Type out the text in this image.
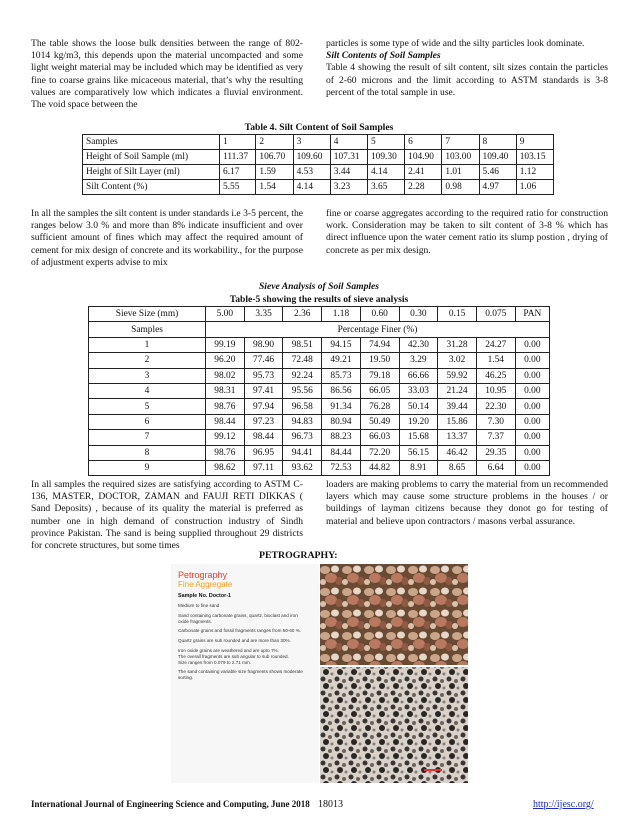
The table shows the loose bulk densities between the range of 802-1014 kg/m3, this depends upon the material uncompacted and some light weight material may be included which may be identified as very fine to coarse grains like micaceous material, that’s why the resulting values are comparatively low which indicates a fluvial environment. The void space between the

particles is some type of wide and the silty particles look dominate.

Silt Contents of Soil Samples

Table 4 showing the result of silt content, silt sizes contain the particles of 2-60 microns and the limit according to ASTM standards is 3-8 percent of the total sample in use.

Table 4. Silt Content of Soil Samples
Samples	1	2	3	4	5	6	7	8	9
Height of Soil Sample (ml)	111.37	106.70	109.60	107.31	109.30	104.90	103.00	109.40	103.15
Height of Silt Layer (ml)	6.17	1.59	4.53	3.44	4.14	2.41	1.01	5.46	1.12
Silt Content (%)	5.55	1.54	4.14	3.23	3.65	2.28	0.98	4.97	1.06

In all the samples the silt content is under standards i.e 3-5 percent, the ranges below 3.0 % and more than 8% indicate insufficient and over sufficient amount of fines which may affect the required amount of cement for mix design of concrete and its workability., for the purpose of adjustment experts advise to mix

fine or coarse aggregates according to the required ratio for construction work. Consideration may be taken to silt content of 3-8 % which has direct influence upon the water cement ratio its slump postion , drying of concrete as per mix design.

Sieve Analysis of Soil Samples
Table-5 showing the results of sieve analysis
Sieve Size (mm)	5.00	3.35	2.36	1.18	0.60	0.30	0.15	0.075	PAN
Samples	Percentage Finer (%)								
1	99.19	98.90	98.51	94.15	74.94	42.30	31.28	24.27	0.00
2	96.20	77.46	72.48	49.21	19.50	3.29	3.02	1.54	0.00
3	98.02	95.73	92.24	85.73	79.18	66.66	59.92	46.25	0.00
4	98.31	97.41	95.56	86.56	66.05	33.03	21.24	10.95	0.00
5	98.76	97.94	96.58	91.34	76.28	50.14	39.44	22.30	0.00
6	98.44	97.23	94.83	80.94	50.49	19.20	15.86	7.30	0.00
7	99.12	98.44	96.73	88.23	66.03	15.68	13.37	7.37	0.00
8	98.76	96.95	94.41	84.44	72.20	56.15	46.42	29.35	0.00
9	98.62	97.11	93.62	72.53	44.82	8.91	8.65	6.64	0.00

In all samples the required sizes are satisfying according to ASTM C-136, MASTER, DOCTOR, ZAMAN and FAUJI RETI DIKKAS ( Sand Deposits) , because of its quality the material is preferred as number one in high demand of construction industry of Sindh province Pakistan. The sand is being supplied throughout 29 districts for concrete structures, but some times

loaders are making problems to carry the material from un recommended layers which may cause some structure problems in the houses / or buildings of layman citizens because they donot go for testing of material and believe upon contractors / masons verbal assurance.

PETROGRAPHY:
Petrography
Fine Aggregate
Sample No. Doctor-1
Medium to fine sand
Sand containing carbonate grains, quartz, bioclast and iron oxide fragments.
Carbonate grains and fossil fragments ranges from 50-60 %.
Quartz grains are sub rounded and are more than 30%.
Iron oxide grains are weathered and are upto 7%.
The overall fragments are sub angular to sub rounded.
Size ranges from 0.079 to 2.71 mm.
The sand containing variable size fragments shows moderate sorting.
International Journal of Engineering Science and Computing, June 2018 18013	http://ijesc.org/
